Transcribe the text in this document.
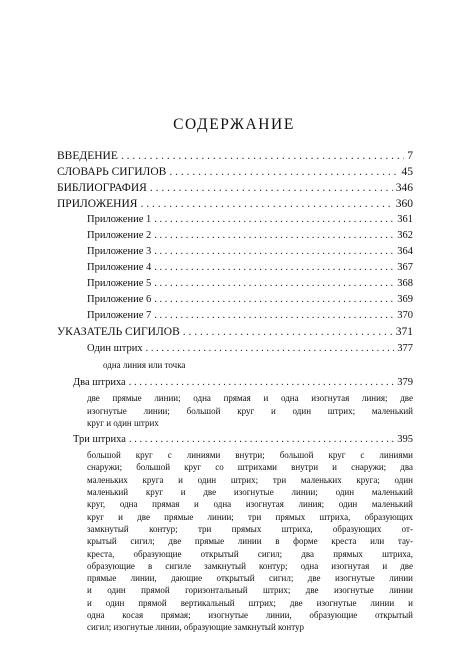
СОДЕРЖАНИЕ
ВВЕДЕНИЕ . . .	7
СЛОВАРЬ СИГИЛОВ . . .	45
БИБЛИОГРАФИЯ . . .	346
ПРИЛОЖЕНИЯ . . .	360
Приложение 1 . . .	361
Приложение 2 . . .	362
Приложение 3 . . .	364
Приложение 4 . . .	367
Приложение 5 . . .	368
Приложение 6 . . .	369
Приложение 7 . . .	370
УКАЗАТЕЛЬ СИГИЛОВ . . .	371
Один штрих . . .	377
одна линия или точка
Два штриха . . .	379
две прямые линии; одна прямая и одна изогнутая линия; две
изогнутые линии; большой круг и один штрих; маленький
круг и один штрих
Три штриха . . .	395
большой круг с линиями внутри; большой круг с линиями
снаружи; большой круг со штрихами внутри и снаружи; два
маленьких круга и один штрих; три маленьких круга; один
маленький круг и две изогнутые линии; один маленький
круг, одна прямая и одна изогнутая линия; один маленький
круг и две прямые линии; три прямых штриха, образующих
замкнутый контур; три прямых штриха, образующих от-
крытый сигил; две прямые линии в форме креста или тау-
креста, образующие открытый сигил; два прямых штриха,
образующие в сигиле замкнутый контур; одна изогнутая и две
прямые линии, дающие открытый сигил; две изогнутые линии
и один прямой горизонтальный штрих; две изогнутые линии
и один прямой вертикальный штрих; две изогнутые линии и
одна косая прямая; изогнутые линии, образующие открытый
сигил; изогнутые линии, образующие замкнутый контур
